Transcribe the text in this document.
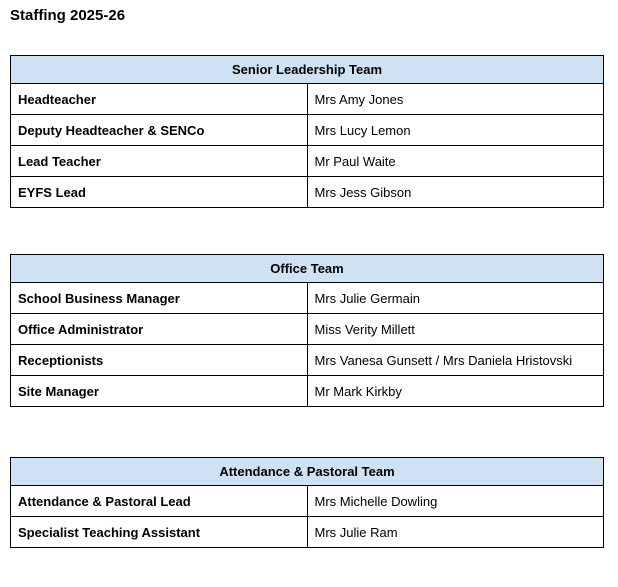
Staffing 2025-26
Senior Leadership Team	
Headteacher	Mrs Amy Jones
Deputy Headteacher & SENCo	Mrs Lucy Lemon
Lead Teacher	Mr Paul Waite
EYFS Lead	Mrs Jess Gibson
Office Team	
School Business Manager	Mrs Julie Germain
Office Administrator	Miss Verity Millett
Receptionists	Mrs Vanesa Gunsett / Mrs Daniela Hristovski
Site Manager	Mr Mark Kirkby
Attendance & Pastoral Team	
Attendance & Pastoral Lead	Mrs Michelle Dowling
Specialist Teaching Assistant	Mrs Julie Ram
